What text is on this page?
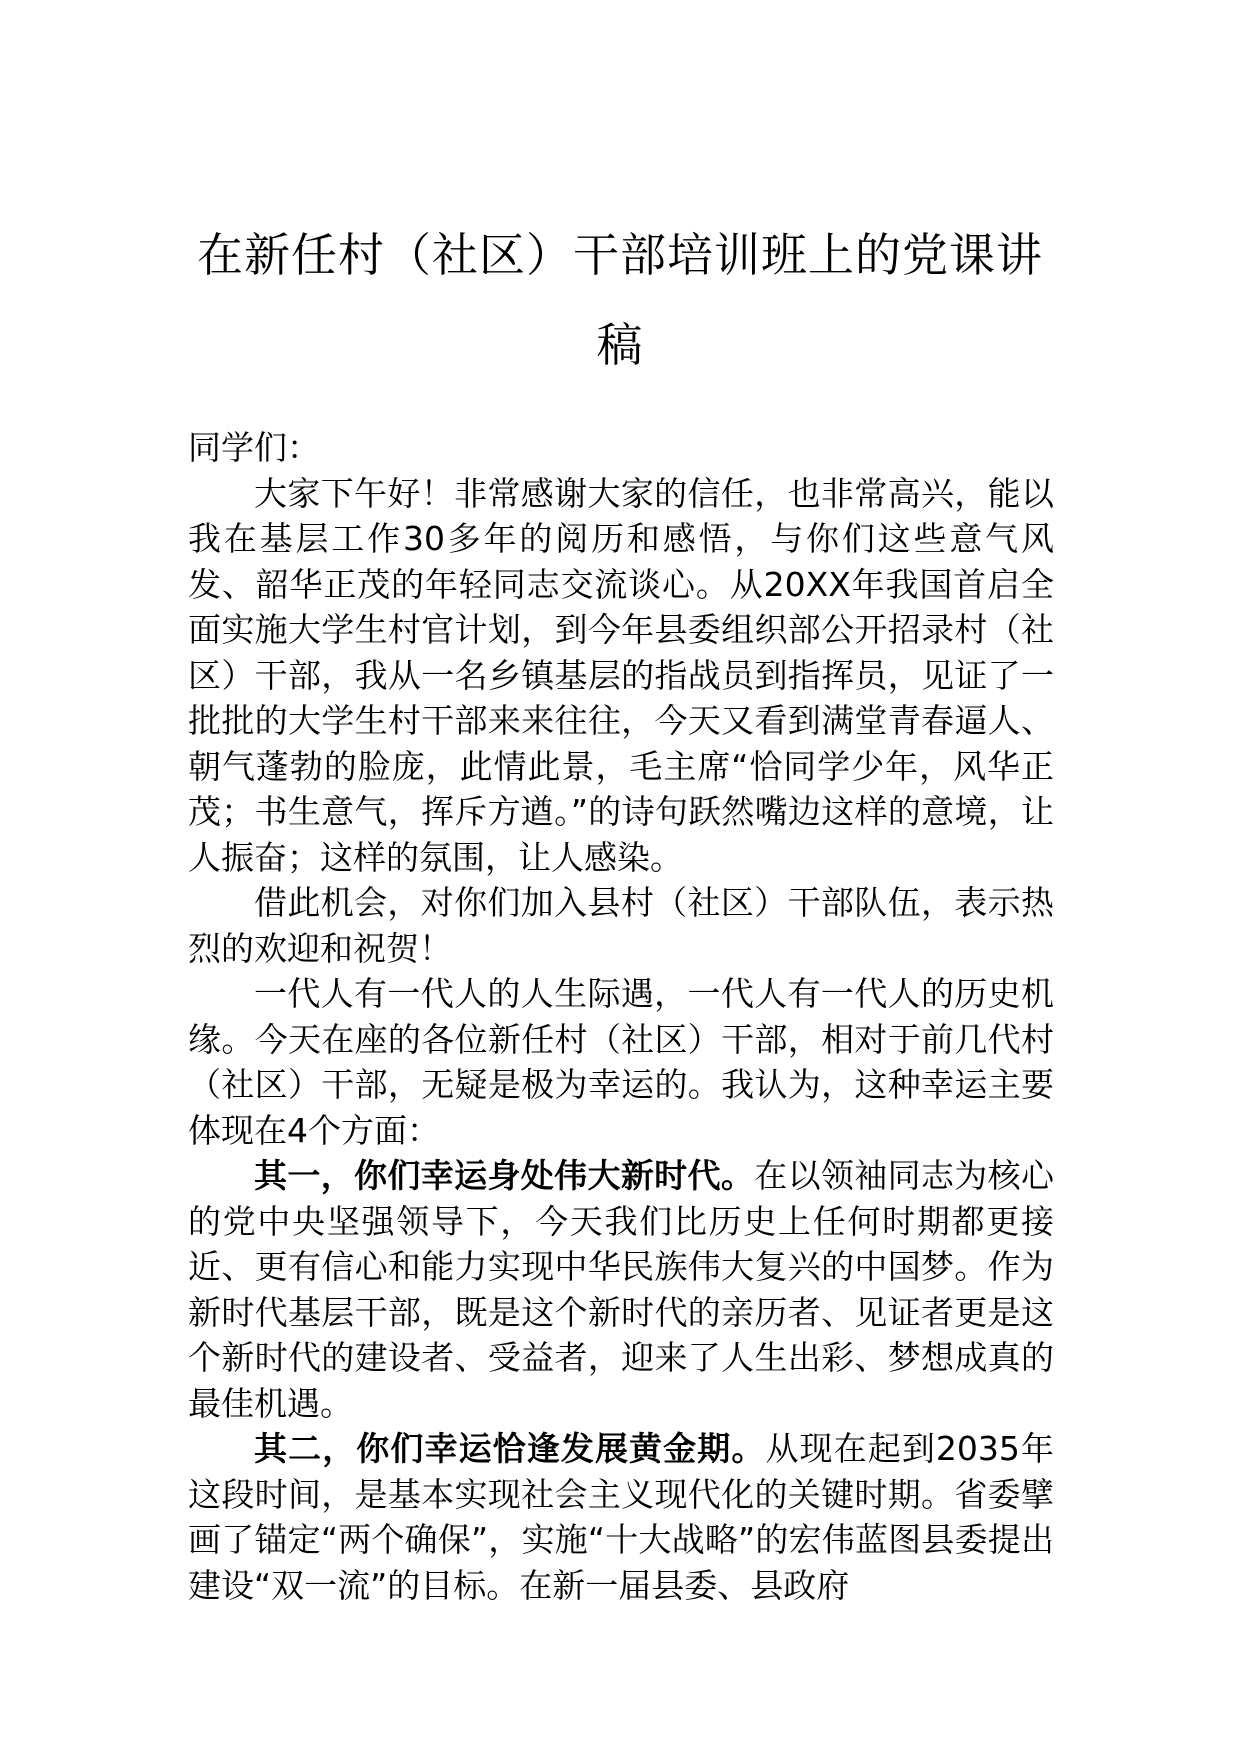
在新任村（社区）干部培训班上的党课讲
稿

同学们：

大家下午好！非常感谢大家的信任，也非常高兴，能以我在基层工作30多年的阅历和感悟，与你们这些意气风发、韶华正茂的年轻同志交流谈心。从20XX年我国首启全面实施大学生村官计划，到今年县委组织部公开招录村（社区）干部，我从一名乡镇基层的指战员到指挥员，见证了一批批的大学生村干部来来往往，今天又看到满堂青春逼人、朝气蓬勃的脸庞，此情此景，毛主席“恰同学少年，风华正茂；书生意气，挥斥方遒。”的诗句跃然嘴边这样的意境，让人振奋；这样的氛围，让人感染。

借此机会，对你们加入县村（社区）干部队伍，表示热烈的欢迎和祝贺！

一代人有一代人的人生际遇，一代人有一代人的历史机缘。今天在座的各位新任村（社区）干部，相对于前几代村（社区）干部，无疑是极为幸运的。我认为，这种幸运主要体现在4个方面：

其一，你们幸运身处伟大新时代。在以领袖同志为核心的党中央坚强领导下，今天我们比历史上任何时期都更接近、更有信心和能力实现中华民族伟大复兴的中国梦。作为新时代基层干部，既是这个新时代的亲历者、见证者更是这个新时代的建设者、受益者，迎来了人生出彩、梦想成真的最佳机遇。

其二，你们幸运恰逢发展黄金期。从现在起到2035年这段时间，是基本实现社会主义现代化的关键时期。省委擘画了锚定“两个确保”，实施“十大战略”的宏伟蓝图县委提出建设“双一流”的目标。在新一届县委、县政府
